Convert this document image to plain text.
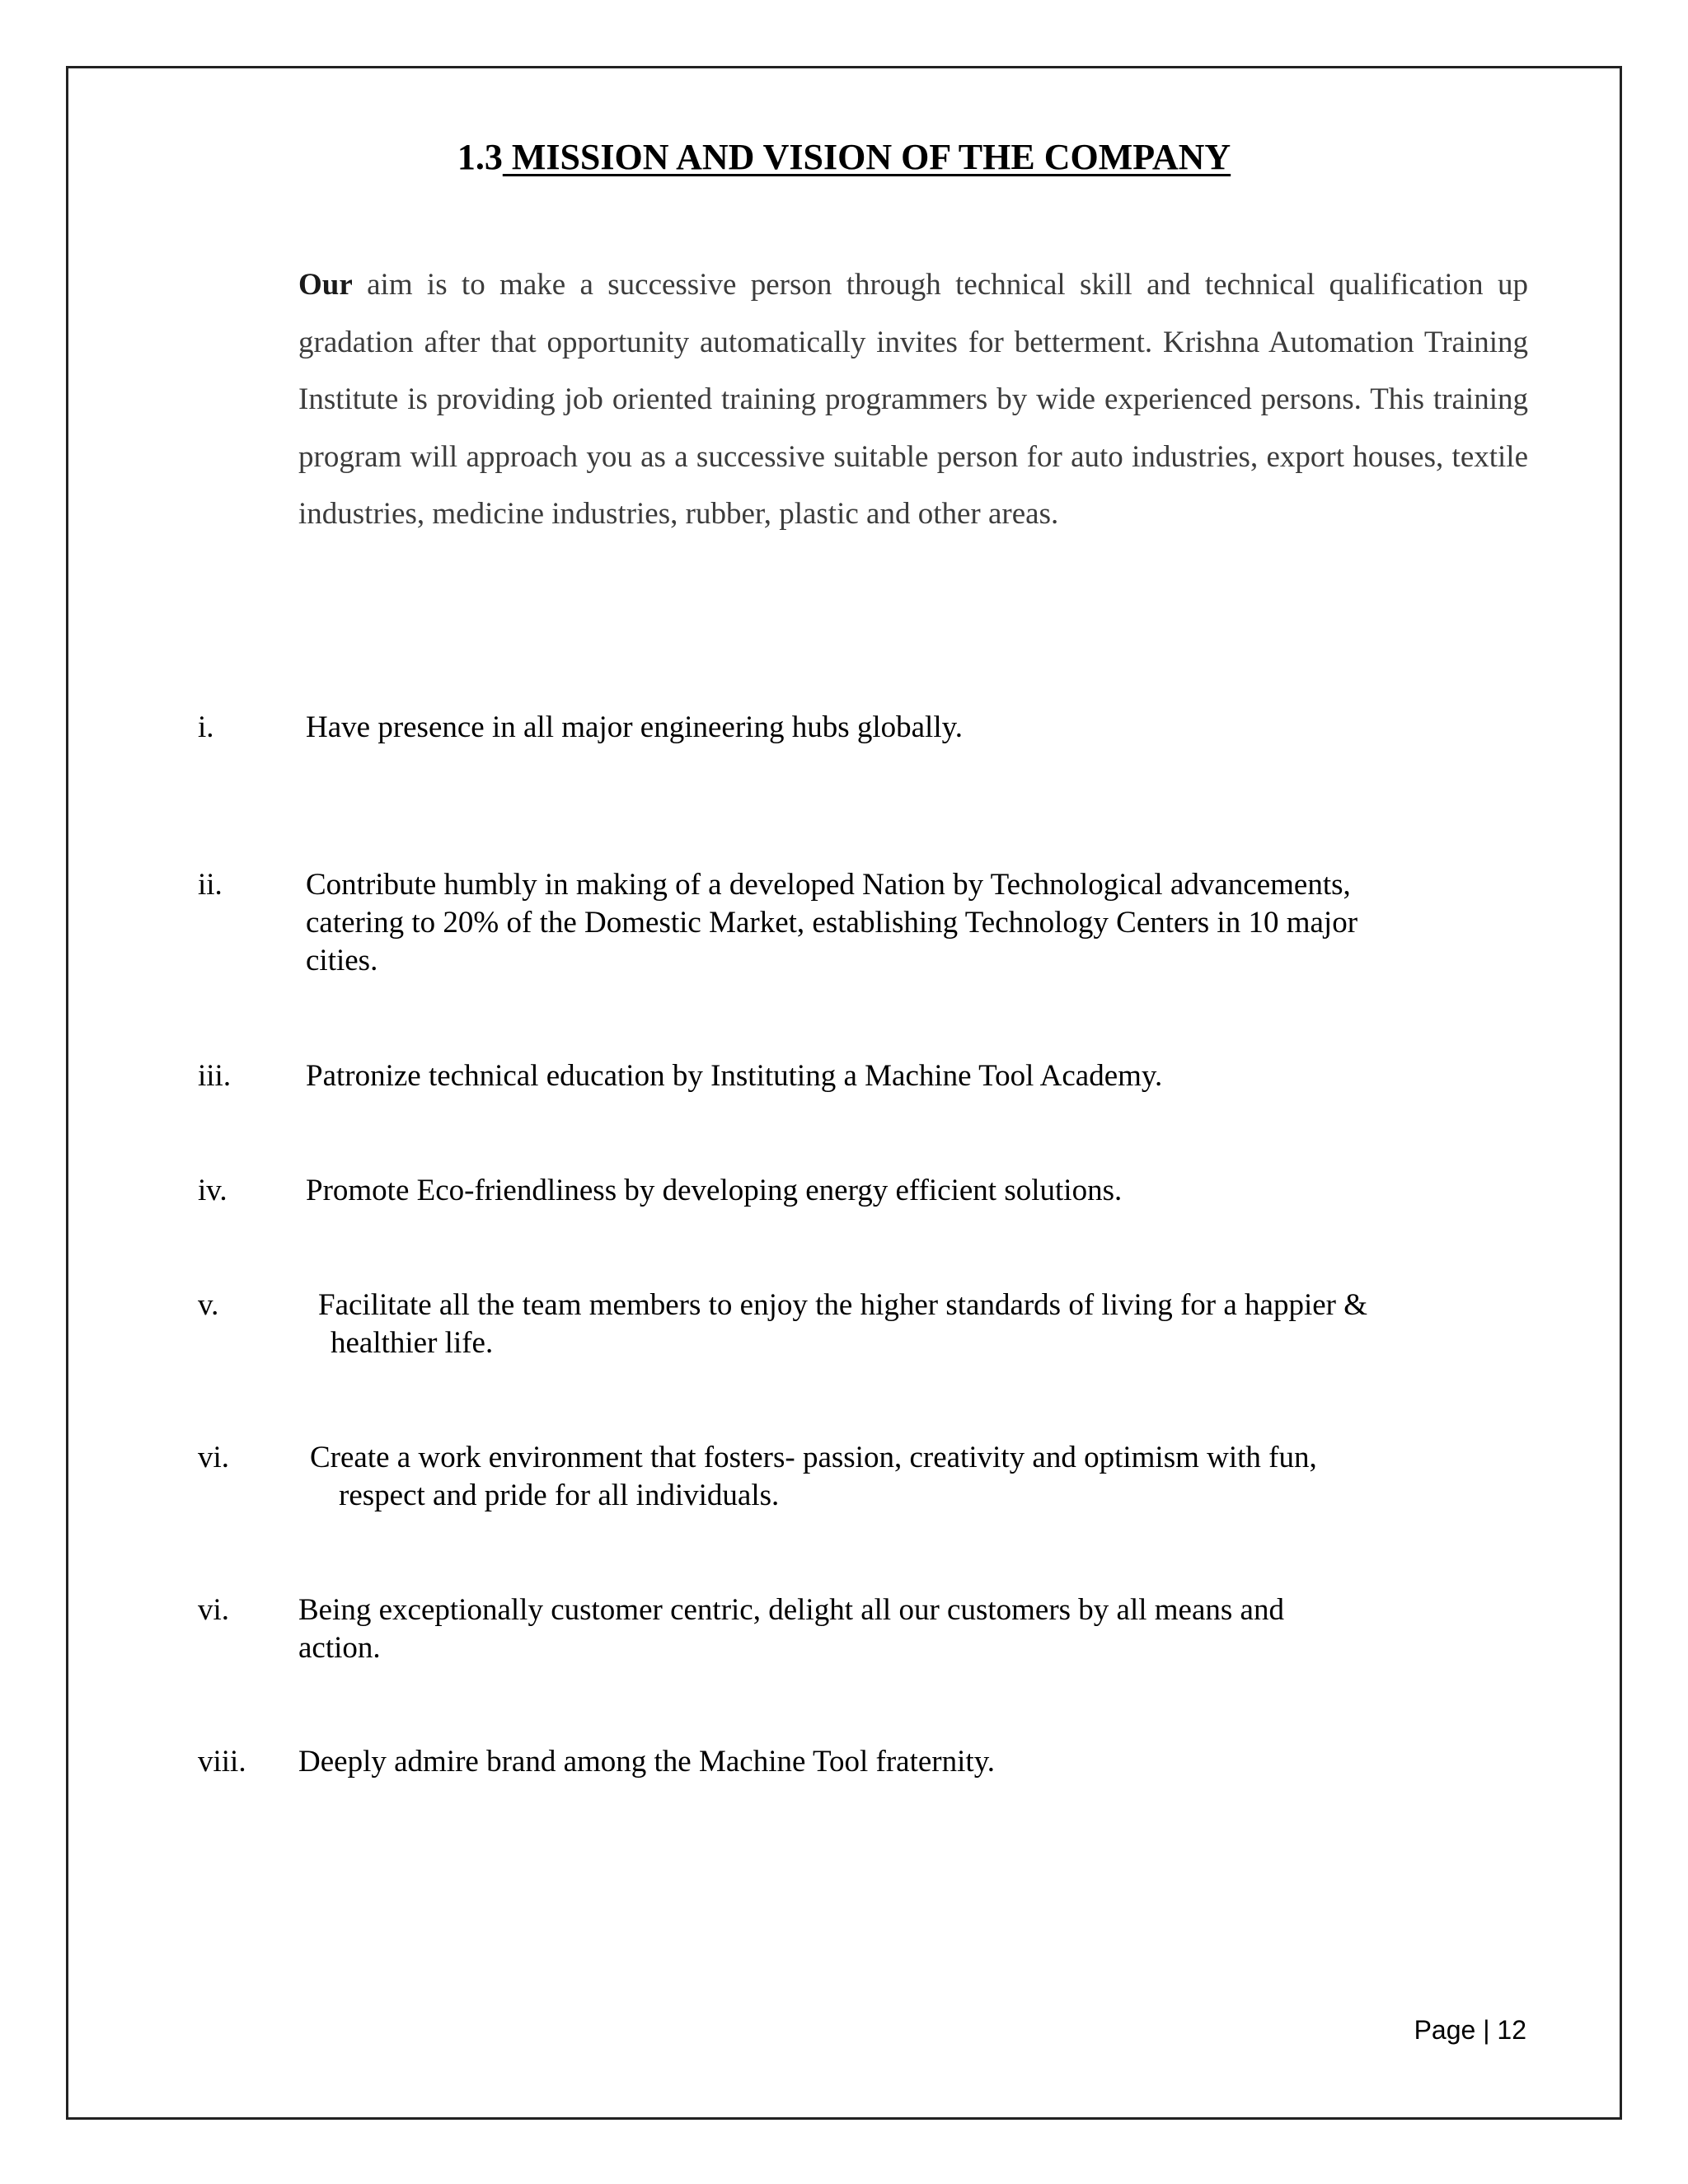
1.3 MISSION AND VISION OF THE COMPANY
Our aim is to make a successive person through technical skill and technical qualification up gradation after that opportunity automatically invites for betterment. Krishna Automation Training Institute is providing job oriented training programmers by wide experienced persons. This training program will approach you as a successive suitable person for auto industries, export houses, textile industries, medicine industries, rubber, plastic and other areas.
i.	Have presence in all major engineering hubs globally.
ii.	Contribute humbly in making of a developed Nation by Technological advancements,
catering to 20% of the Domestic Market, establishing Technology Centers in 10 major
cities.
iii. Patronize technical education by Instituting a Machine Tool Academy.
iv.	Promote Eco-friendliness by developing energy efficient solutions.
v.	Facilitate all the team members to enjoy the higher standards of living for a happier &
healthier life.
vi.	Create a work environment that fosters- passion, creativity and optimism with fun,
respect and pride for all individuals.
vi. Being exceptionally customer centric, delight all our customers by all means and
action.
viii. Deeply admire brand among the Machine Tool fraternity.
Page | 12
